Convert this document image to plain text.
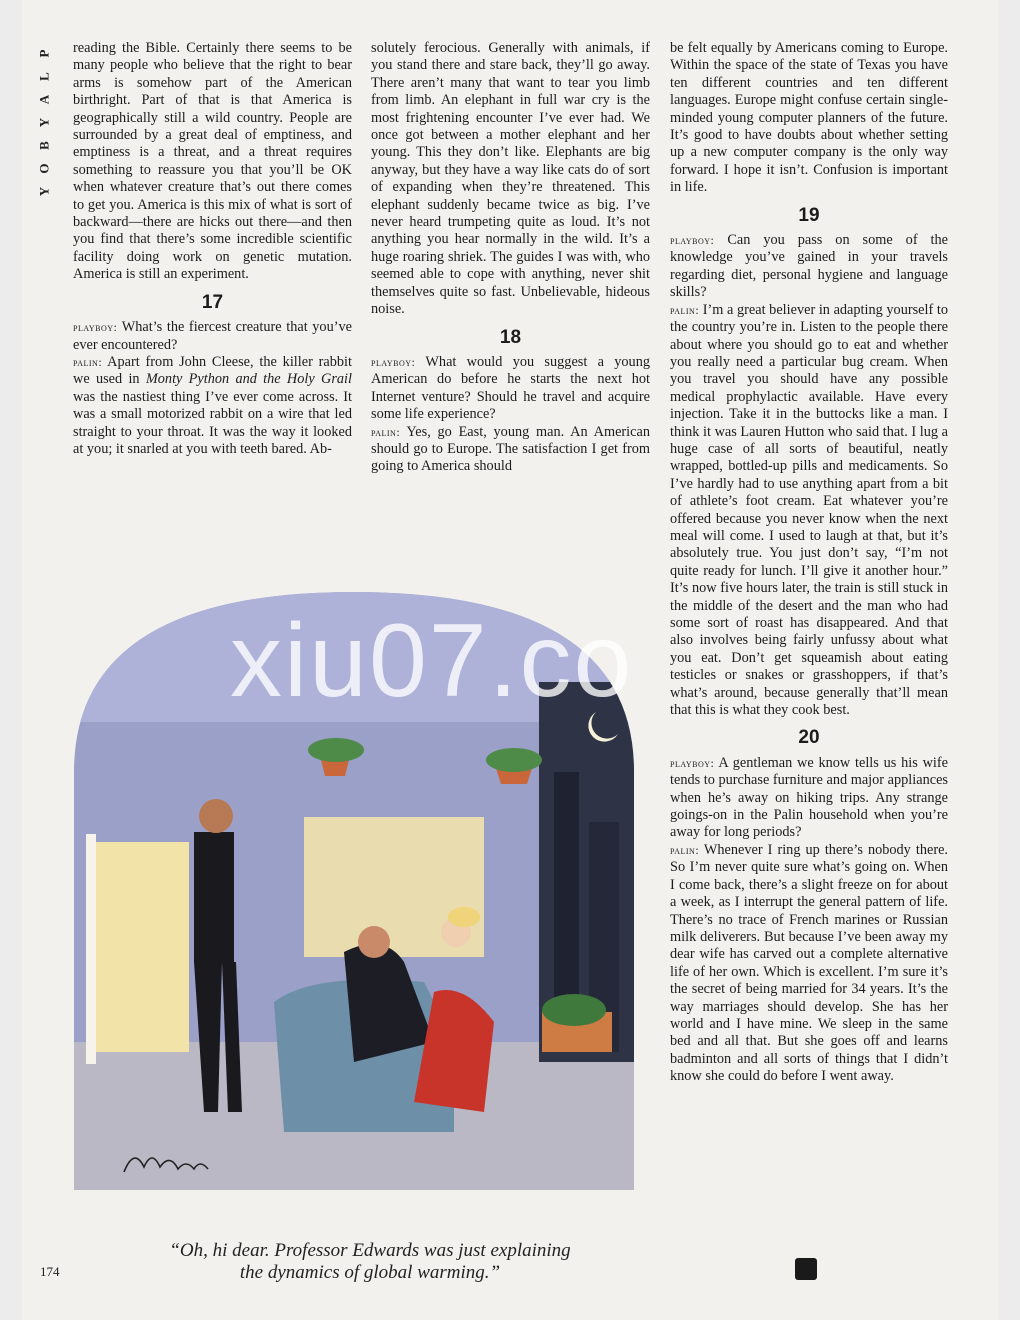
P
L
A
Y
B
O
Y

reading the Bible. Certainly there seems to be many people who believe that the right to bear arms is somehow part of the American birthright. Part of that is that America is geographically still a wild country. People are surrounded by a great deal of emptiness, and emptiness is a threat, and a threat requires something to reassure you that you’ll be OK when whatever creature that’s out there comes to get you. America is this mix of what is sort of backward—there are hicks out there—and then you find that there’s some incredible scientific facility doing work on genetic mutation. America is still an experiment.

17

playboy: What’s the fiercest creature that you’ve ever encountered?

palin: Apart from John Cleese, the killer rabbit we used in Monty Python and the Holy Grail was the nastiest thing I’ve ever come across. It was a small motorized rabbit on a wire that led straight to your throat. It was the way it looked at you; it snarled at you with teeth bared. Ab-

solutely ferocious. Generally with animals, if you stand there and stare back, they’ll go away. There aren’t many that want to tear you limb from limb. An elephant in full war cry is the most frightening encounter I’ve ever had. We once got between a mother elephant and her young. This they don’t like. Elephants are big anyway, but they have a way like cats do of sort of expanding when they’re threatened. This elephant suddenly became twice as big. I’ve never heard trumpeting quite as loud. It’s not anything you hear normally in the wild. It’s a huge roaring shriek. The guides I was with, who seemed able to cope with anything, never shit themselves quite so fast. Unbelievable, hideous noise.

18

playboy: What would you suggest a young American do before he starts the next hot Internet venture? Should he travel and acquire some life experience?

palin: Yes, go East, young man. An American should go to Europe. The satisfaction I get from going to America should

be felt equally by Americans coming to Europe. Within the space of the state of Texas you have ten different countries and ten different languages. Europe might confuse certain single-minded young computer planners of the future. It’s good to have doubts about whether setting up a new computer company is the only way forward. I hope it isn’t. Confusion is important in life.

19

playboy: Can you pass on some of the knowledge you’ve gained in your travels regarding diet, personal hygiene and language skills?

palin: I’m a great believer in adapting yourself to the country you’re in. Listen to the people there about where you should go to eat and whether you really need a particular bug cream. When you travel you should have any possible medical prophylactic available. Have every injection. Take it in the buttocks like a man. I think it was Lauren Hutton who said that. I lug a huge case of all sorts of beautiful, neatly wrapped, bottled-up pills and medicaments. So I’ve hardly had to use anything apart from a bit of athlete’s foot cream. Eat whatever you’re offered because you never know when the next meal will come. I used to laugh at that, but it’s absolutely true. You just don’t say, “I’m not quite ready for lunch. I’ll give it another hour.” It’s now five hours later, the train is still stuck in the middle of the desert and the man who had some sort of roast has disappeared. And that also involves being fairly unfussy about what you eat. Don’t get squeamish about eating testicles or snakes or grasshoppers, if that’s what’s around, because generally that’ll mean that this is what they cook best.

20

playboy: A gentleman we know tells us his wife tends to purchase furniture and major appliances when he’s away on hiking trips. Any strange goings-on in the Palin household when you’re away for long periods?

palin: Whenever I ring up there’s nobody there. So I’m never quite sure what’s going on. When I come back, there’s a slight freeze on for about a week, as I interrupt the general pattern of life. There’s no trace of French marines or Russian milk deliverers. But because I’ve been away my dear wife has carved out a complete alternative life of her own. Which is excellent. I’m sure it’s the secret of being married for 34 years. It’s the way marriages should develop. She has her world and I have mine. We sleep in the same bed and all that. But she goes off and learns badminton and all sorts of things that I didn’t know she could do before I went away.

“Oh, hi dear. Professor Edwards was just explaining
the dynamics of global warming.”
xiu07.co
174
